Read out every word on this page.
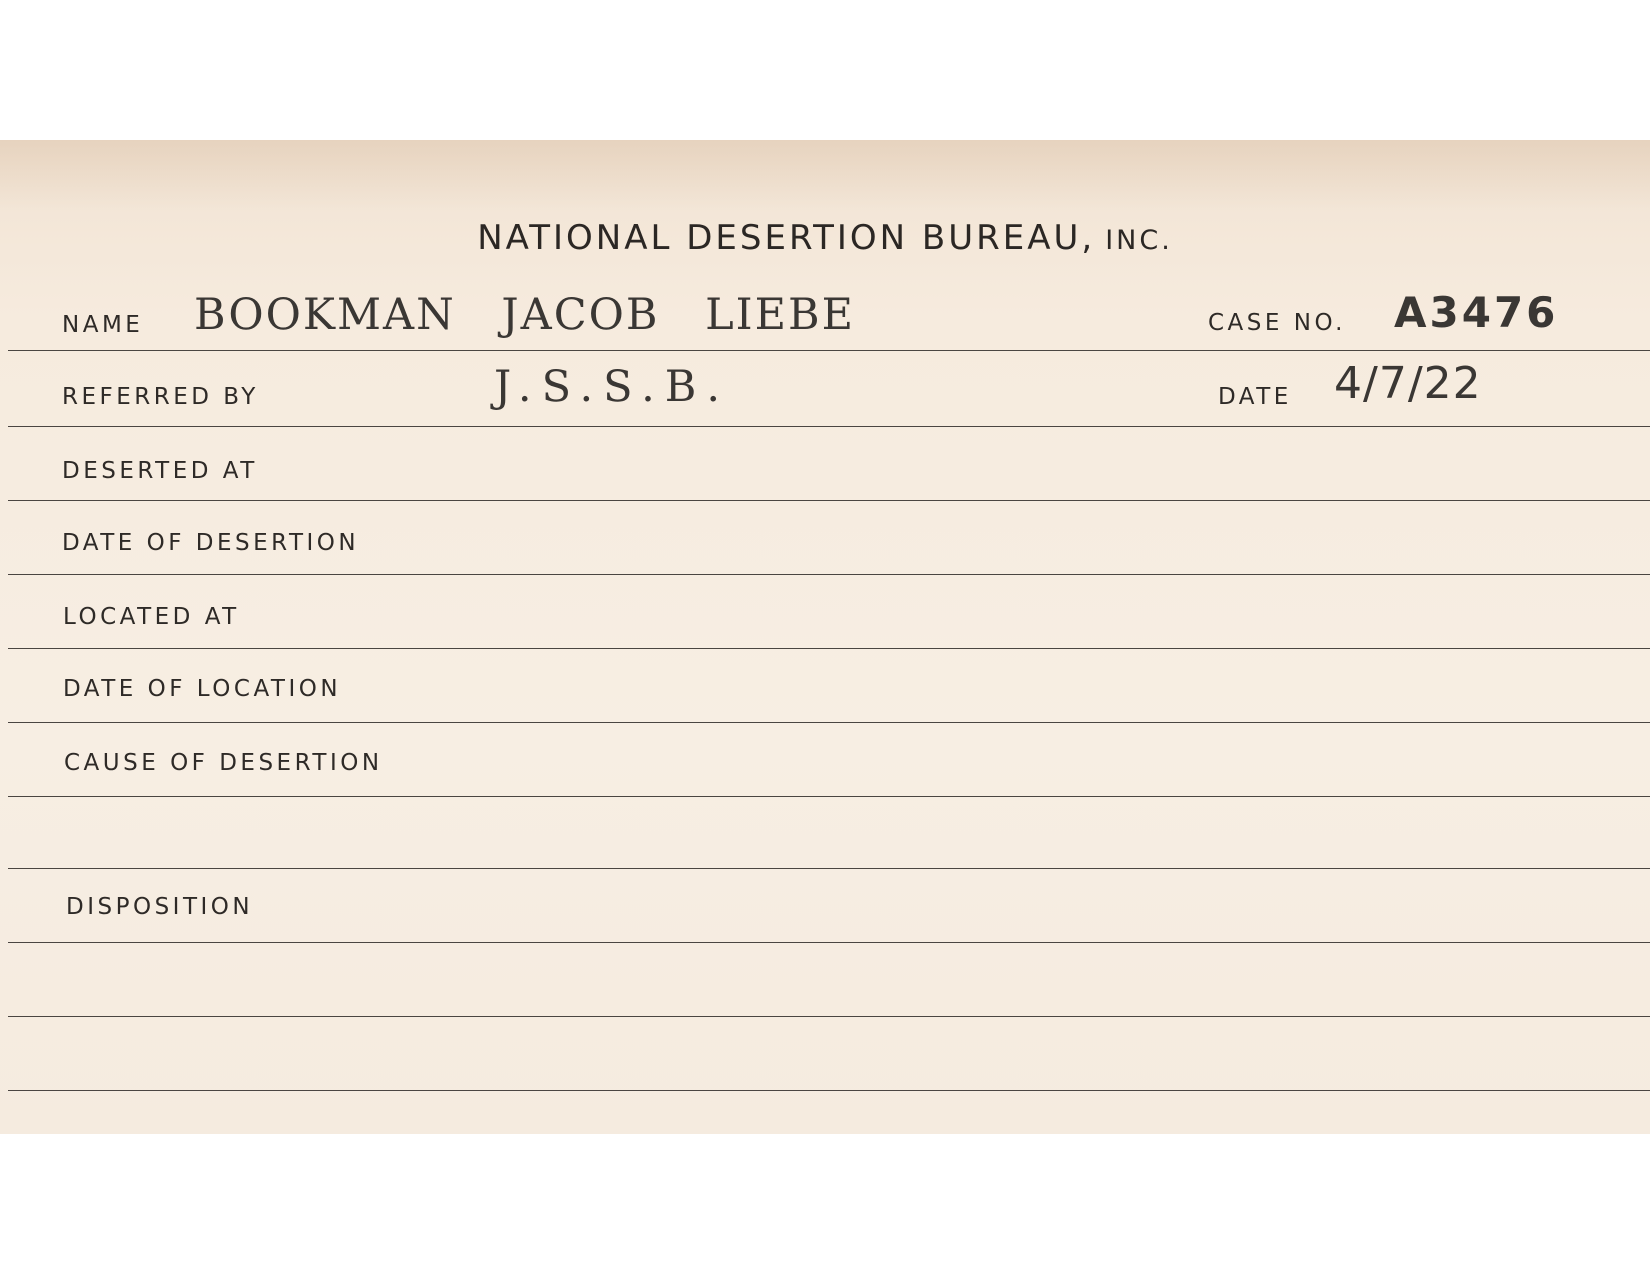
NATIONAL DESERTION BUREAU, INC.
NAME BOOKMAN JACOB LIEBE	CASE NO. A3476
REFERRED BY	J.S.S.B.	DATE 4/7/22
DESERTED AT
DATE OF DESERTION
LOCATED AT
DATE OF LOCATION
CAUSE OF DESERTION
DISPOSITION
